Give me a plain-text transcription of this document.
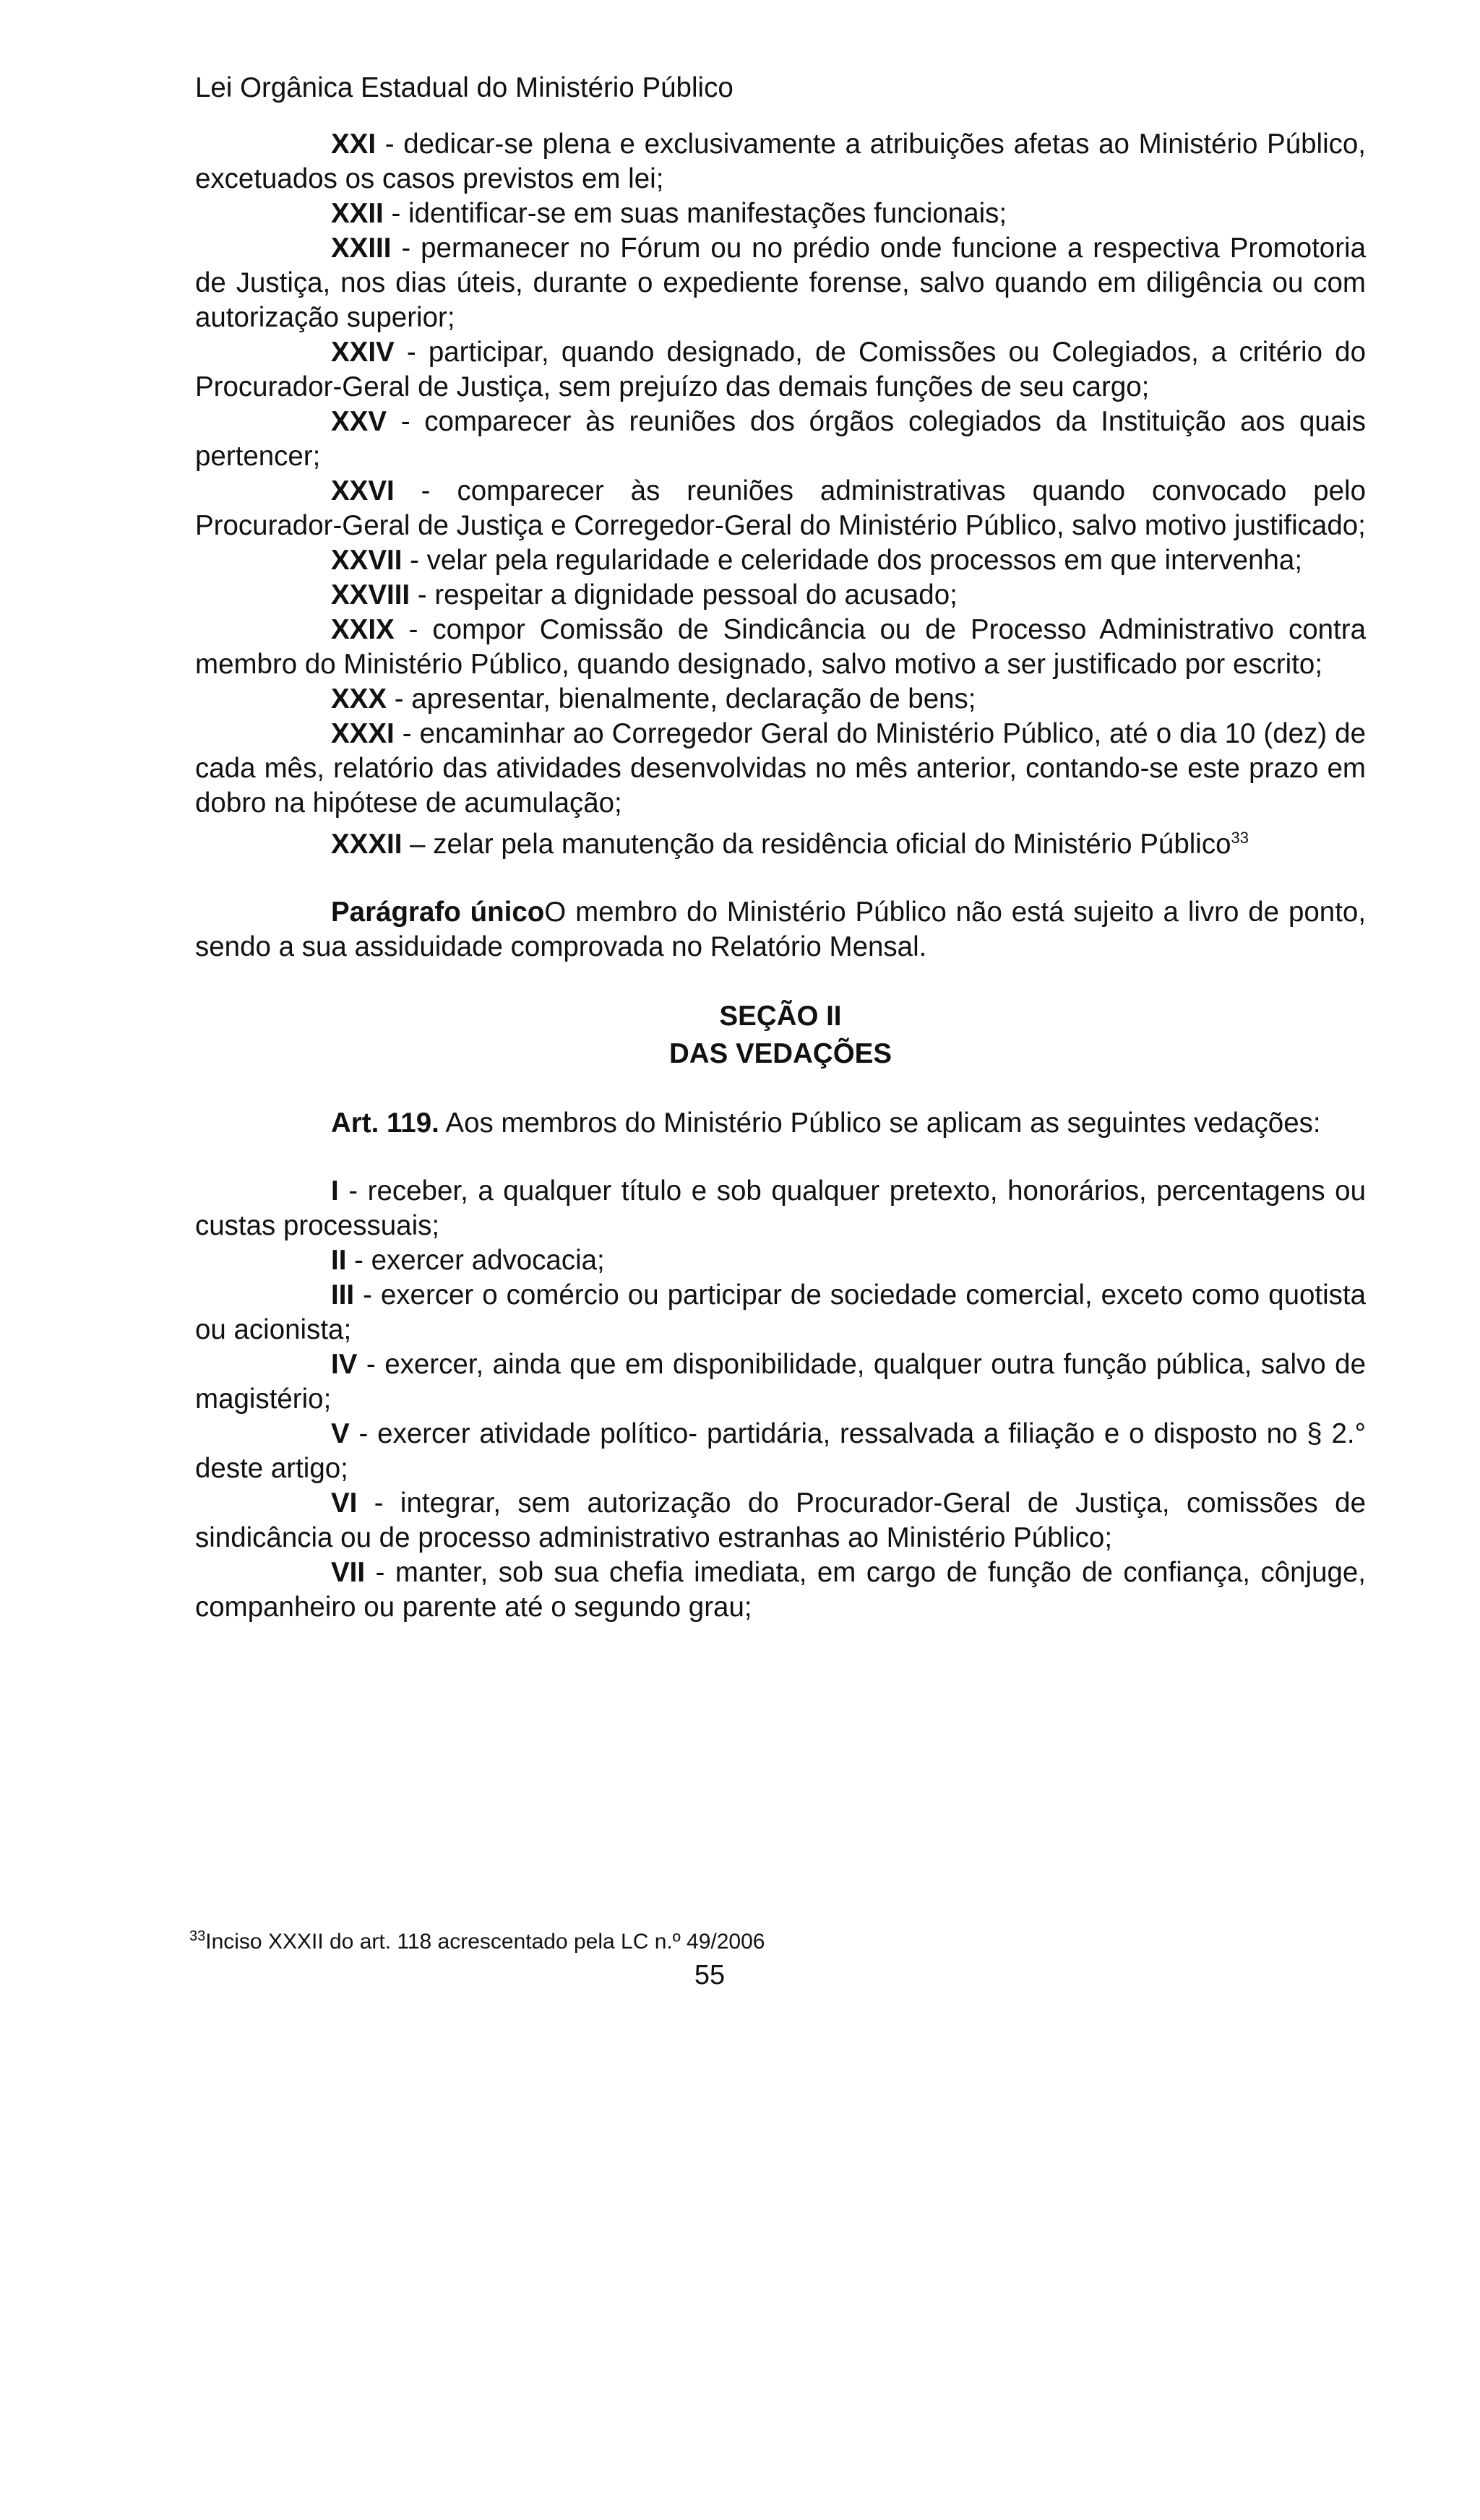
Lei Orgânica Estadual do Ministério Público

XXI - dedicar-se plena e exclusivamente a atribuições afetas ao Ministério Público, excetuados os casos previstos em lei;

XXII - identificar-se em suas manifestações funcionais;

XXIII - permanecer no Fórum ou no prédio onde funcione a respectiva Promotoria de Justiça, nos dias úteis, durante o expediente forense, salvo quando em diligência ou com autorização superior;

XXIV - participar, quando designado, de Comissões ou Colegiados, a critério do Procurador-Geral de Justiça, sem prejuízo das demais funções de seu cargo;

XXV - comparecer às reuniões dos órgãos colegiados da Instituição aos quais pertencer;

XXVI - comparecer às reuniões administrativas quando convocado pelo Procurador-Geral de Justiça e Corregedor-Geral do Ministério Público, salvo motivo justificado;

XXVII - velar pela regularidade e celeridade dos processos em que intervenha;

XXVIII - respeitar a dignidade pessoal do acusado;

XXIX - compor Comissão de Sindicância ou de Processo Administrativo contra membro do Ministério Público, quando designado, salvo motivo a ser justificado por escrito;

XXX - apresentar, bienalmente, declaração de bens;

XXXI - encaminhar ao Corregedor Geral do Ministério Público, até o dia 10 (dez) de cada mês, relatório das atividades desenvolvidas no mês anterior, contando-se este prazo em dobro na hipótese de acumulação;

XXXII – zelar pela manutenção da residência oficial do Ministério Público$^{33}$

Parágrafo únicoO membro do Ministério Público não está sujeito a livro de ponto, sendo a sua assiduidade comprovada no Relatório Mensal.

SEÇÃO II

DAS VEDAÇÕES

Art. 119. Aos membros do Ministério Público se aplicam as seguintes vedações:

I - receber, a qualquer título e sob qualquer pretexto, honorários, percentagens ou custas processuais;

II - exercer advocacia;

III - exercer o comércio ou participar de sociedade comercial, exceto como quotista ou acionista;

IV - exercer, ainda que em disponibilidade, qualquer outra função pública, salvo de magistério;

V - exercer atividade político- partidária, ressalvada a filiação e o disposto no § 2.° deste artigo;

VI - integrar, sem autorização do Procurador-Geral de Justiça, comissões de sindicância ou de processo administrativo estranhas ao Ministério Público;

VII - manter, sob sua chefia imediata, em cargo de função de confiança, cônjuge, companheiro ou parente até o segundo grau;

$^{33}$Inciso XXXII do art. 118 acrescentado pela LC n.º 49/2006

55
